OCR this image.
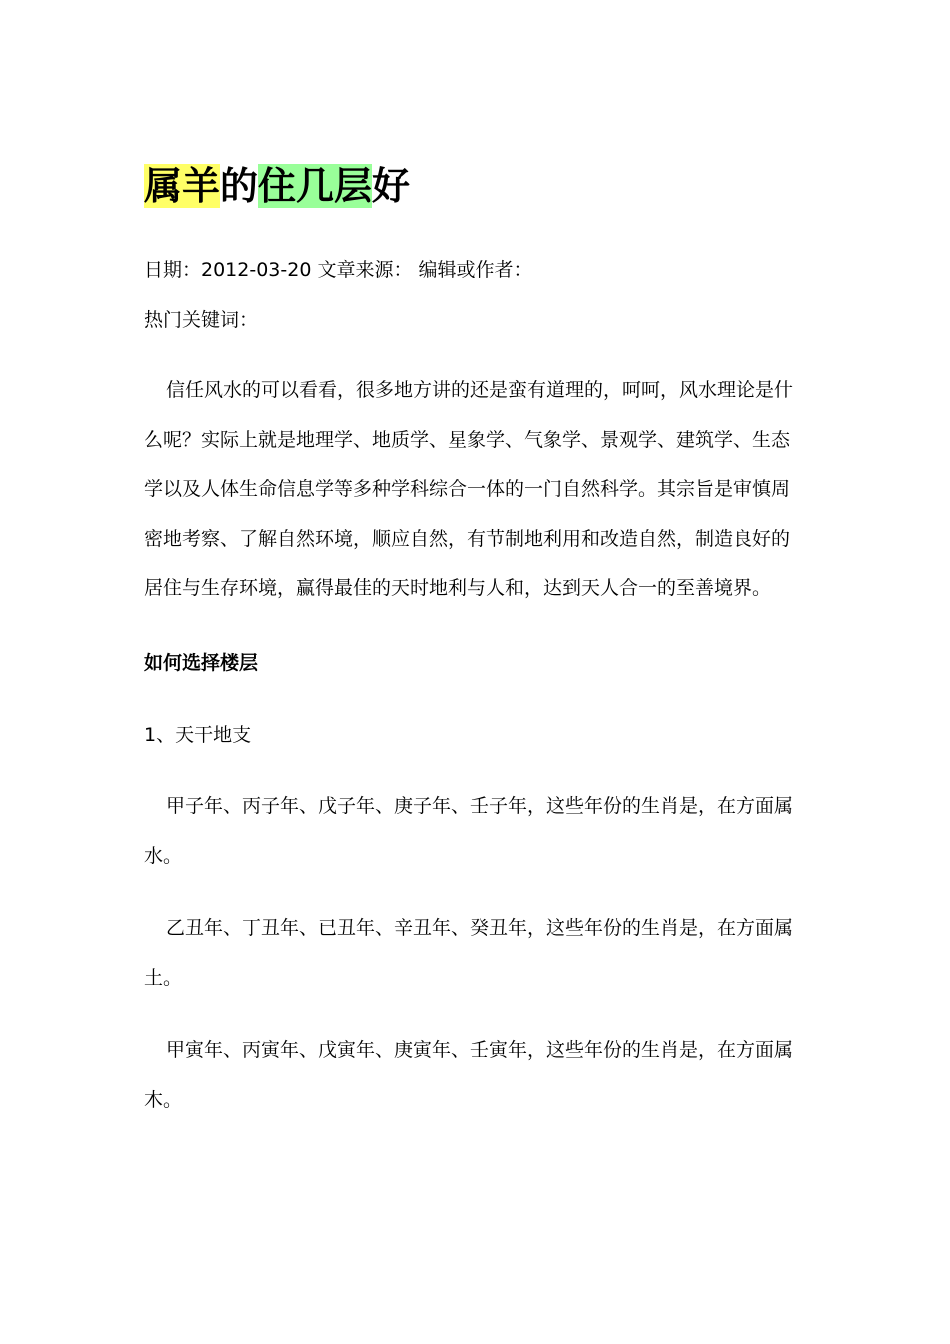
属羊的住几层好

日期：2012-03-20 文章来源： 编辑或作者：

热门关键词：

信任风水的可以看看，很多地方讲的还是蛮有道理的，呵呵，风水理论是什
么呢？实际上就是地理学、地质学、星象学、气象学、景观学、建筑学、生态
学以及人体生命信息学等多种学科综合一体的一门自然科学。其宗旨是审慎周
密地考察、了解自然环境，顺应自然，有节制地利用和改造自然，制造良好的
居住与生存环境，赢得最佳的天时地利与人和，达到天人合一的至善境界。

如何选择楼层

1、天干地支

甲子年、丙子年、戊子年、庚子年、壬子年，这些年份的生肖是，在方面属
水。
乙丑年、丁丑年、已丑年、辛丑年、癸丑年，这些年份的生肖是，在方面属
土。
甲寅年、丙寅年、戊寅年、庚寅年、壬寅年，这些年份的生肖是，在方面属
木。
